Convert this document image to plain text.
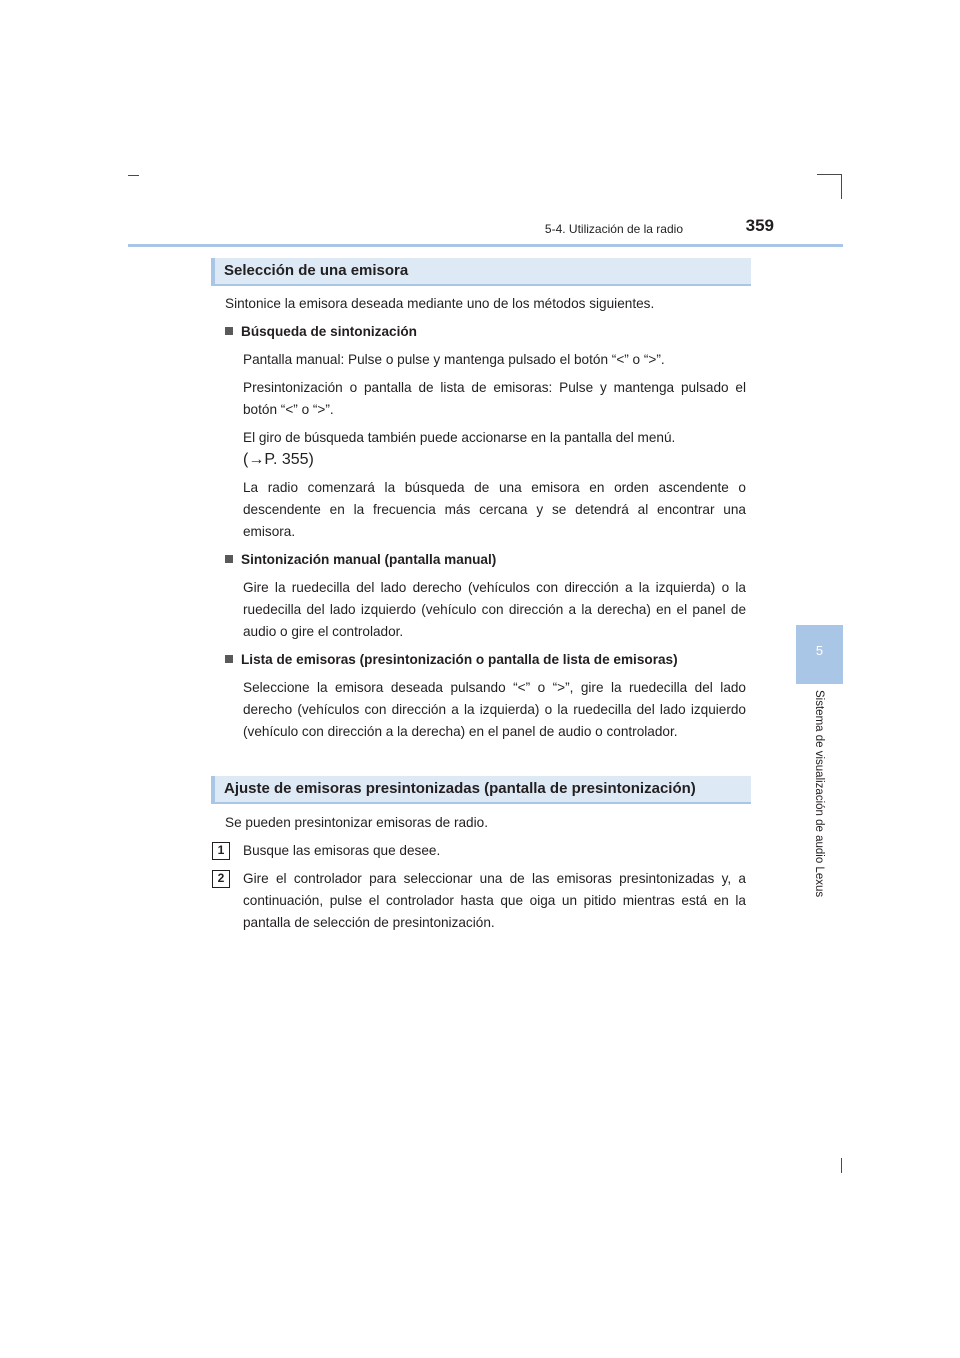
5-4. Utilización de la radio	359
5
Sistema de visualización de audio Lexus
Selección de una emisora
Sintonice la emisora deseada mediante uno de los métodos siguientes.
Búsqueda de sintonización
Pantalla manual: Pulse o pulse y mantenga pulsado el botón “<” o “>”.
Presintonización o pantalla de lista de emisoras: Pulse y mantenga pulsado el botón “<” o “>”.
El giro de búsqueda también puede accionarse en la pantalla del menú.
(→P. 355)
La radio comenzará la búsqueda de una emisora en orden ascendente o descendente en la frecuencia más cercana y se detendrá al encontrar una emisora.
Sintonización manual (pantalla manual)
Gire la ruedecilla del lado derecho (vehículos con dirección a la izquierda) o la ruedecilla del lado izquierdo (vehículo con dirección a la derecha) en el panel de audio o gire el controlador.
Lista de emisoras (presintonización o pantalla de lista de emisoras)
Seleccione la emisora deseada pulsando “<” o “>”, gire la ruedecilla del lado derecho (vehículos con dirección a la izquierda) o la ruedecilla del lado izquierdo (vehículo con dirección a la derecha) en el panel de audio o controlador.
Ajuste de emisoras presintonizadas (pantalla de presintonización)
Se pueden presintonizar emisoras de radio.
1	Busque las emisoras que desee.
2	Gire el controlador para seleccionar una de las emisoras presintonizadas y, a continuación, pulse el controlador hasta que oiga un pitido mientras está en la pantalla de selección de presintonización.
